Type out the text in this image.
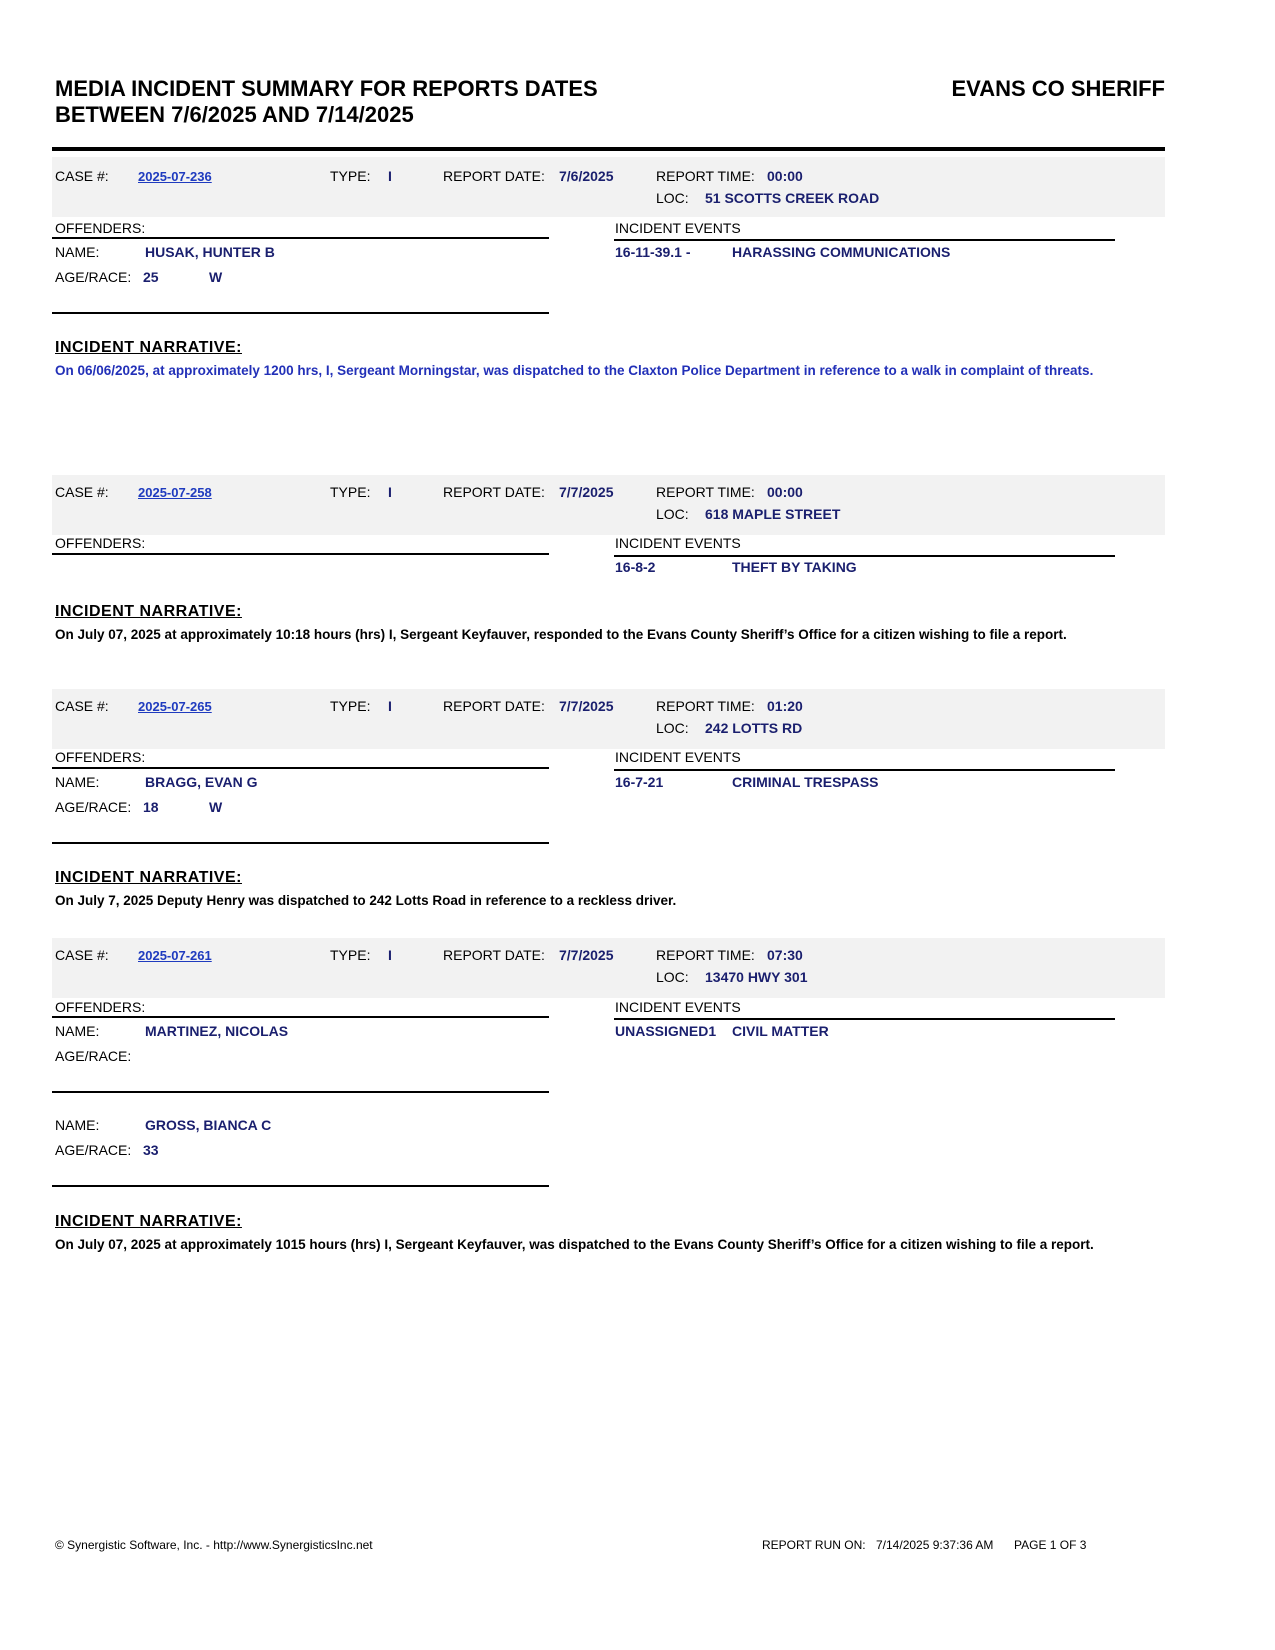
MEDIA INCIDENT SUMMARY FOR REPORTS DATES
BETWEEN 7/6/2025 AND 7/14/2025
EVANS CO SHERIFF
CASE #: 2025-07-236	TYPE: I	REPORT DATE: 7/6/2025	REPORT TIME: 00:00
LOC: 51 SCOTTS CREEK ROAD
OFFENDERS:	INCIDENT EVENTS
NAME:	HUSAK, HUNTER B
AGE/RACE: 25	W
16-11-39.1 -	HARASSING COMMUNICATIONS
INCIDENT NARRATIVE:
On 06/06/2025, at approximately 1200 hrs, I, Sergeant Morningstar, was dispatched to the Claxton Police Department in reference to a walk in complaint of threats.
CASE #: 2025-07-258	TYPE: I	REPORT DATE: 7/7/2025	REPORT TIME: 00:00
LOC: 618 MAPLE STREET
OFFENDERS:	INCIDENT EVENTS
16-8-2	THEFT BY TAKING
INCIDENT NARRATIVE:
On July 07, 2025 at approximately 10:18 hours (hrs) I, Sergeant Keyfauver, responded to the Evans County Sheriff’s Office for a citizen wishing to file a report.
CASE #: 2025-07-265	TYPE: I	REPORT DATE: 7/7/2025	REPORT TIME: 01:20
LOC: 242 LOTTS RD
OFFENDERS:	INCIDENT EVENTS
NAME:	BRAGG, EVAN G
AGE/RACE: 18	W
16-7-21	CRIMINAL TRESPASS
INCIDENT NARRATIVE:
On July 7, 2025 Deputy Henry was dispatched to 242 Lotts Road in reference to a reckless driver.
CASE #: 2025-07-261	TYPE: I	REPORT DATE: 7/7/2025	REPORT TIME: 07:30
LOC: 13470 HWY 301
OFFENDERS:	INCIDENT EVENTS
NAME:	MARTINEZ, NICOLAS
AGE/RACE:
NAME:	GROSS, BIANCA C
AGE/RACE: 33
UNASSIGNED1 CIVIL MATTER
INCIDENT NARRATIVE:
On July 07, 2025 at approximately 1015 hours (hrs) I, Sergeant Keyfauver, was dispatched to the Evans County Sheriff’s Office for a citizen wishing to file a report.
© Synergistic Software, Inc. - http://www.SynergisticsInc.net	REPORT RUN ON: 7/14/2025 9:37:36 AM PAGE 1 OF 3
